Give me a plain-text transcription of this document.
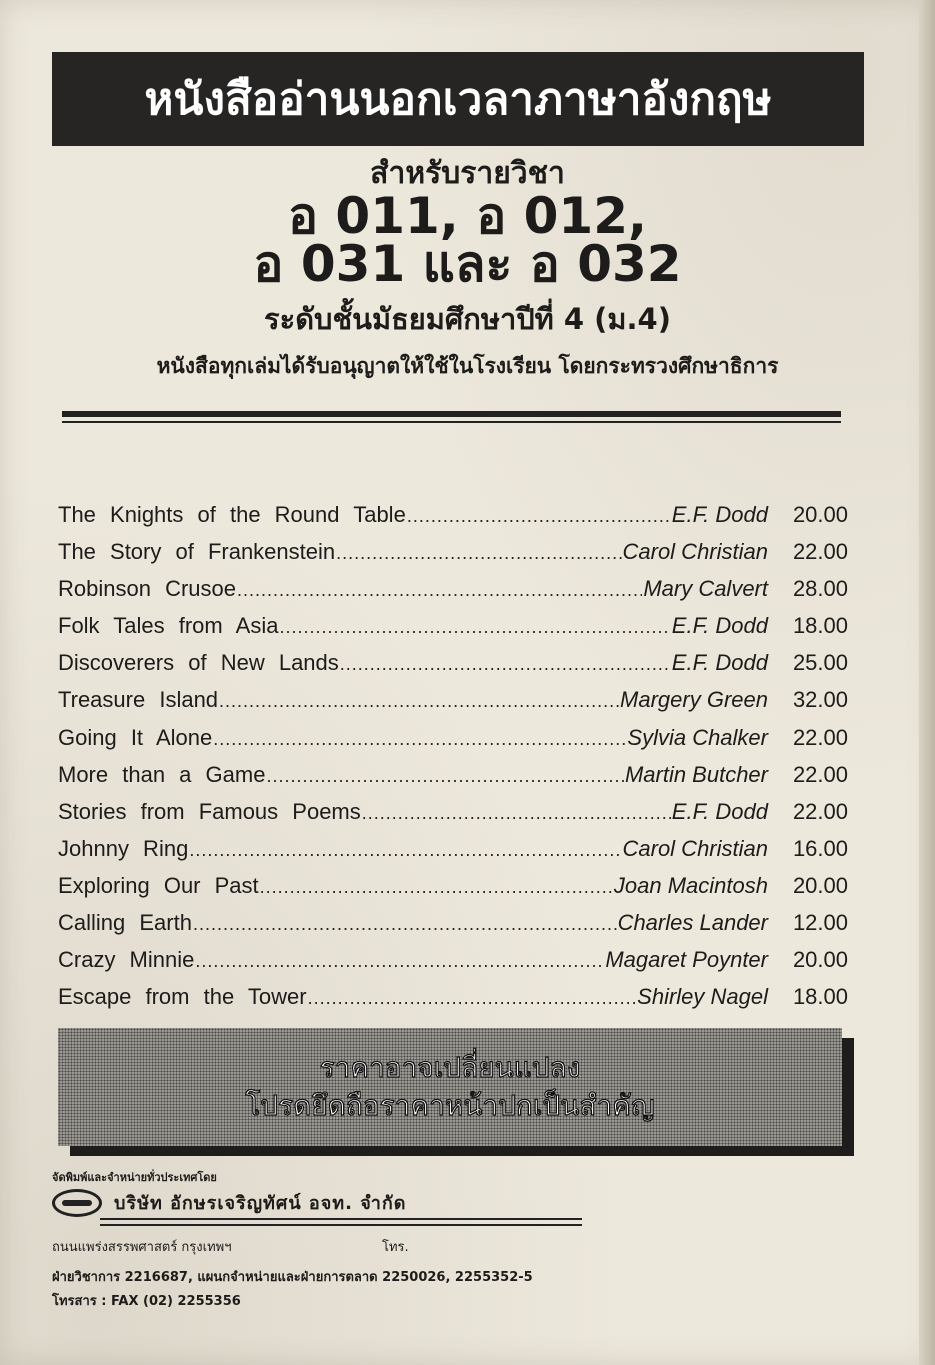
หนังสืออ่านนอกเวลาภาษาอังกฤษ
สำหรับรายวิชา
อ 011, อ 012,
อ 031 และ อ 032
ระดับชั้นมัธยมศึกษาปีที่ 4 (ม.4)
หนังสือทุกเล่มได้รับอนุญาตให้ใช้ในโรงเรียน โดยกระทรวงศึกษาธิการ
The Knights of the Round Table .....	E.F. Dodd	20.00
The Story of Frankenstein .....	Carol Christian	22.00
Robinson Crusoe .....	Mary Calvert	28.00
Folk Tales from Asia .....	E.F. Dodd	18.00
Discoverers of New Lands .....	E.F. Dodd	25.00
Treasure Island .....	Margery Green	32.00
Going It Alone .....	Sylvia Chalker	22.00
More than a Game .....	Martin Butcher	22.00
Stories from Famous Poems .....	E.F. Dodd	22.00
Johnny Ring .....	Carol Christian	16.00
Exploring Our Past .....	Joan Macintosh	20.00
Calling Earth .....	Charles Lander	12.00
Crazy Minnie .....	Magaret Poynter	20.00
Escape from the Tower .....	Shirley Nagel	18.00
ราคาอาจเปลี่ยนแปลง
โปรดยึดถือราคาหน้าปกเป็นสำคัญ
จัดพิมพ์และจำหน่ายทั่วประเทศโดย
บริษัท อักษรเจริญทัศน์ อจท. จำกัด
ถนนแพร่งสรรพศาสตร์ กรุงเทพฯ	โทร.
ฝ่ายวิชาการ 2216687, แผนกจำหน่ายและฝ่ายการตลาด 2250026, 2255352-5
โทรสาร : FAX (02) 2255356
